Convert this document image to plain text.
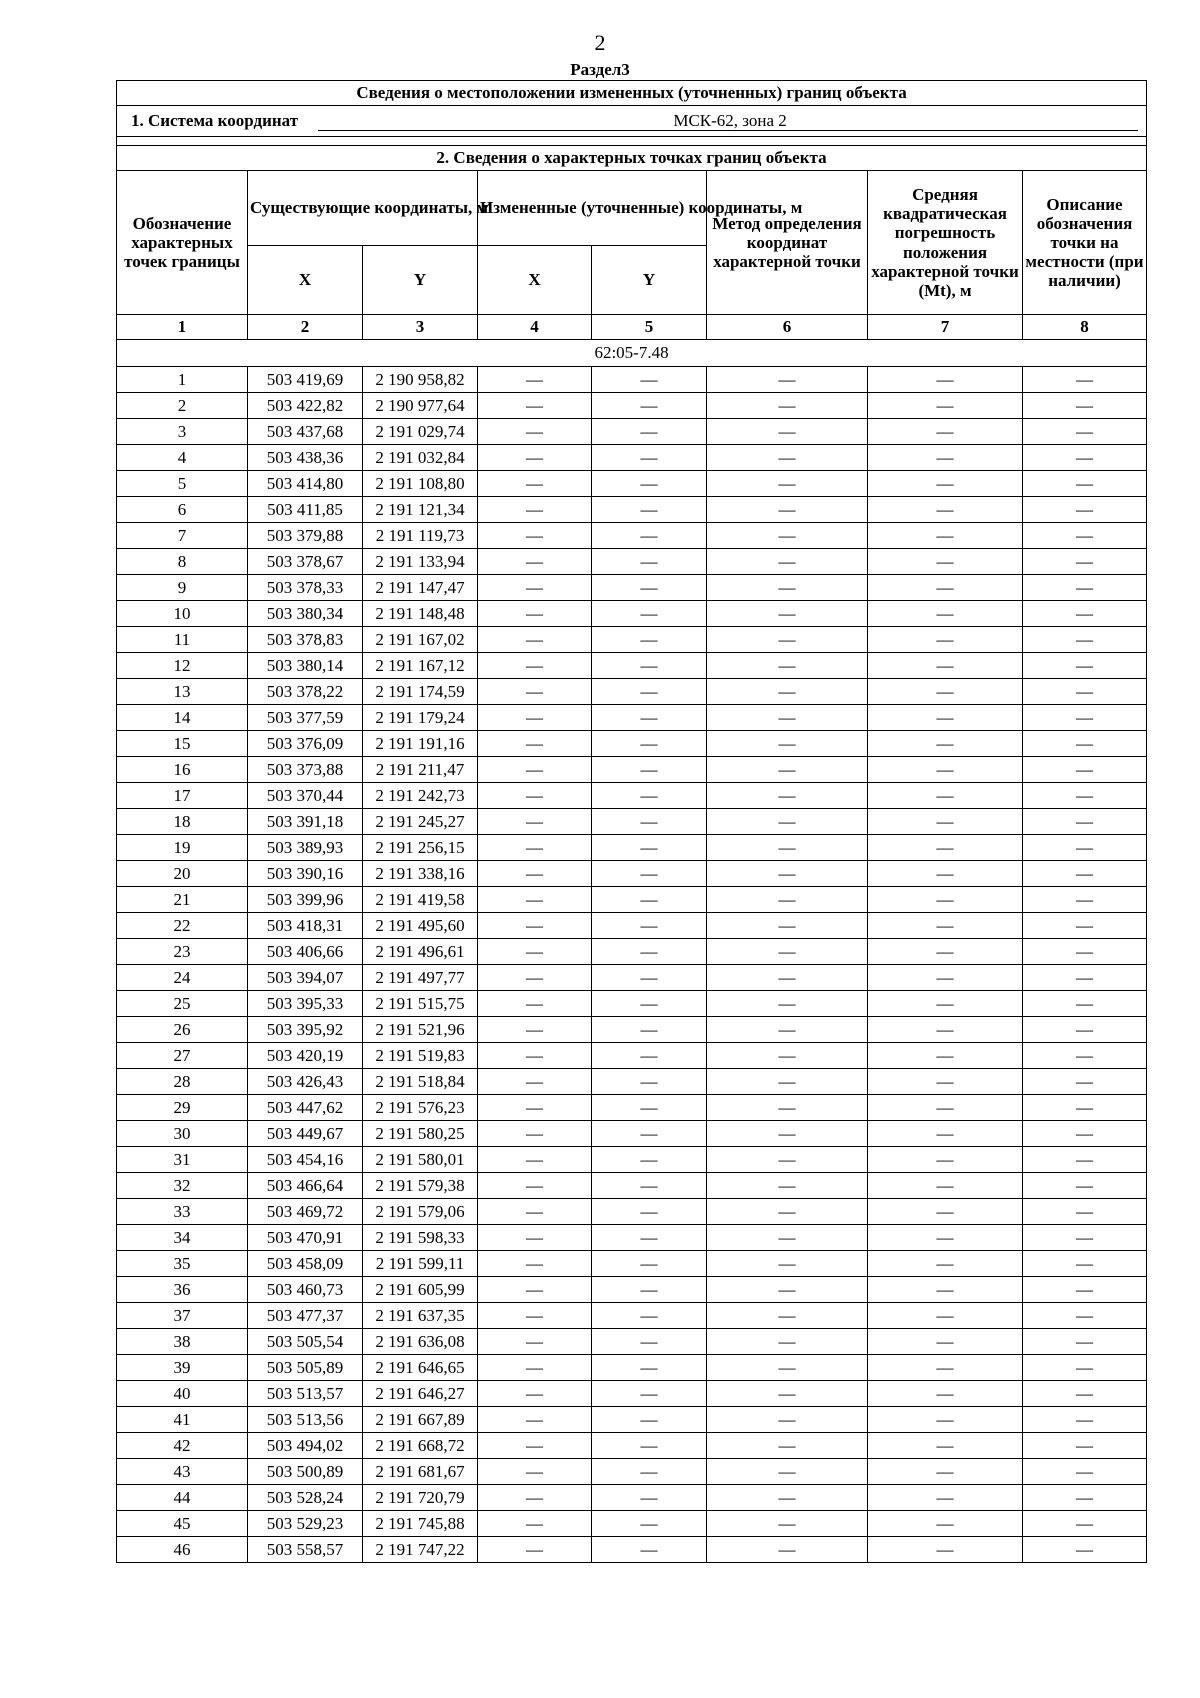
2
Раздел3
Сведения о местоположении измененных (уточненных) границ объекта							
1. Система координат МСК-62, зона 2							

2. Сведения о характерных точках границ объекта							
Обозначение характерных точек границы	Существующие координаты, м		Измененные (уточненные) координаты, м		Метод определения координат характерной точки	Средняя квадратическая погрешность положения характерной точки (Mt), м	Описание обозначения точки на местности (при наличии)
	X	Y	X	Y			
1	2	3	4	5	6	7	8
62:05-7.48							
1	503 419,69	2 190 958,82	—	—	—	—	—
2	503 422,82	2 190 977,64	—	—	—	—	—
3	503 437,68	2 191 029,74	—	—	—	—	—
4	503 438,36	2 191 032,84	—	—	—	—	—
5	503 414,80	2 191 108,80	—	—	—	—	—
6	503 411,85	2 191 121,34	—	—	—	—	—
7	503 379,88	2 191 119,73	—	—	—	—	—
8	503 378,67	2 191 133,94	—	—	—	—	—
9	503 378,33	2 191 147,47	—	—	—	—	—
10	503 380,34	2 191 148,48	—	—	—	—	—
11	503 378,83	2 191 167,02	—	—	—	—	—
12	503 380,14	2 191 167,12	—	—	—	—	—
13	503 378,22	2 191 174,59	—	—	—	—	—
14	503 377,59	2 191 179,24	—	—	—	—	—
15	503 376,09	2 191 191,16	—	—	—	—	—
16	503 373,88	2 191 211,47	—	—	—	—	—
17	503 370,44	2 191 242,73	—	—	—	—	—
18	503 391,18	2 191 245,27	—	—	—	—	—
19	503 389,93	2 191 256,15	—	—	—	—	—
20	503 390,16	2 191 338,16	—	—	—	—	—
21	503 399,96	2 191 419,58	—	—	—	—	—
22	503 418,31	2 191 495,60	—	—	—	—	—
23	503 406,66	2 191 496,61	—	—	—	—	—
24	503 394,07	2 191 497,77	—	—	—	—	—
25	503 395,33	2 191 515,75	—	—	—	—	—
26	503 395,92	2 191 521,96	—	—	—	—	—
27	503 420,19	2 191 519,83	—	—	—	—	—
28	503 426,43	2 191 518,84	—	—	—	—	—
29	503 447,62	2 191 576,23	—	—	—	—	—
30	503 449,67	2 191 580,25	—	—	—	—	—
31	503 454,16	2 191 580,01	—	—	—	—	—
32	503 466,64	2 191 579,38	—	—	—	—	—
33	503 469,72	2 191 579,06	—	—	—	—	—
34	503 470,91	2 191 598,33	—	—	—	—	—
35	503 458,09	2 191 599,11	—	—	—	—	—
36	503 460,73	2 191 605,99	—	—	—	—	—
37	503 477,37	2 191 637,35	—	—	—	—	—
38	503 505,54	2 191 636,08	—	—	—	—	—
39	503 505,89	2 191 646,65	—	—	—	—	—
40	503 513,57	2 191 646,27	—	—	—	—	—
41	503 513,56	2 191 667,89	—	—	—	—	—
42	503 494,02	2 191 668,72	—	—	—	—	—
43	503 500,89	2 191 681,67	—	—	—	—	—
44	503 528,24	2 191 720,79	—	—	—	—	—
45	503 529,23	2 191 745,88	—	—	—	—	—
46	503 558,57	2 191 747,22	—	—	—	—	—
